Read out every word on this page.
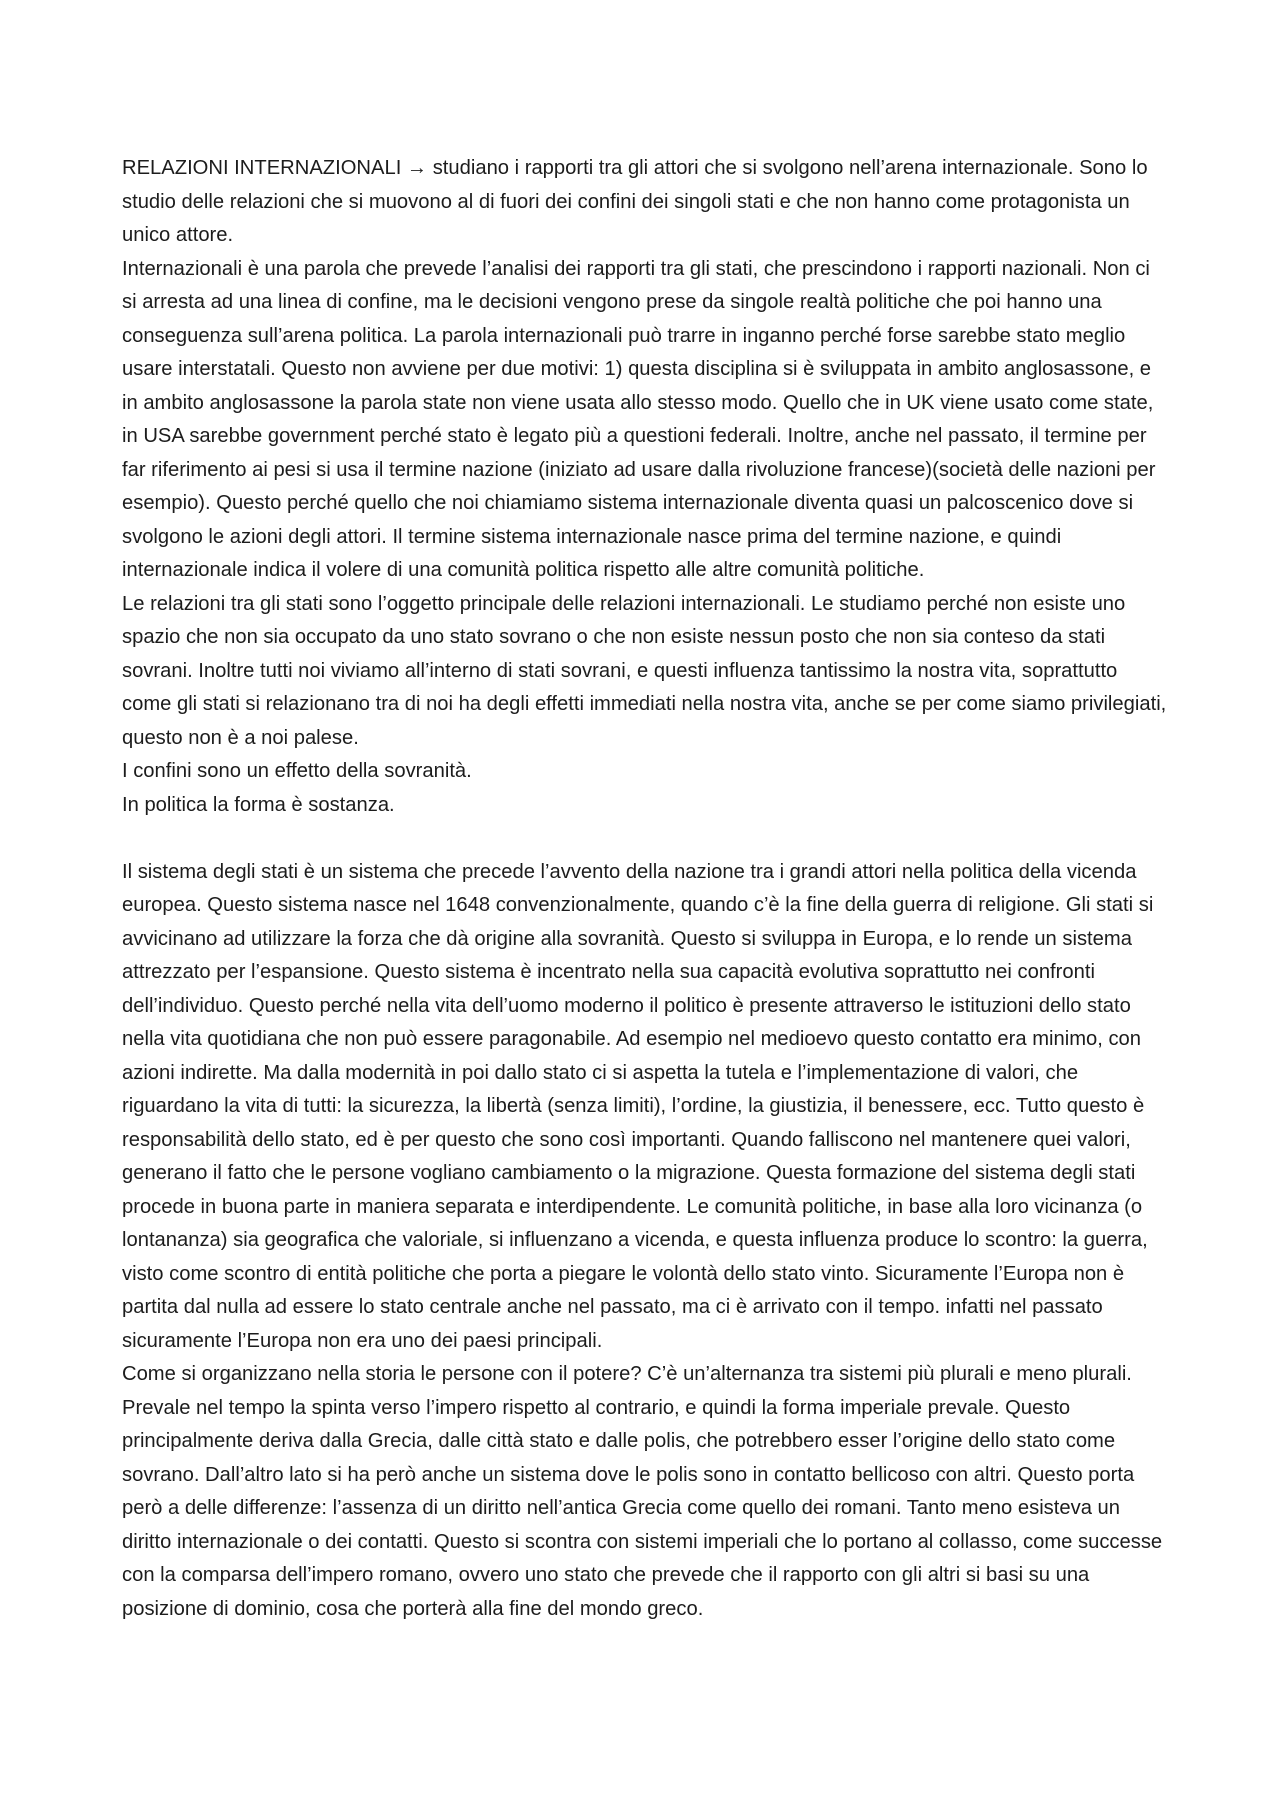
RELAZIONI INTERNAZIONALI → studiano i rapporti tra gli attori che si svolgono nell’arena internazionale. Sono lo studio delle relazioni che si muovono al di fuori dei confini dei singoli stati e che non hanno come protagonista un unico attore.

Internazionali è una parola che prevede l’analisi dei rapporti tra gli stati, che prescindono i rapporti nazionali. Non ci si arresta ad una linea di confine, ma le decisioni vengono prese da singole realtà politiche che poi hanno una conseguenza sull’arena politica. La parola internazionali può trarre in inganno perché forse sarebbe stato meglio usare interstatali. Questo non avviene per due motivi: 1) questa disciplina si è sviluppata in ambito anglosassone, e in ambito anglosassone la parola state non viene usata allo stesso modo. Quello che in UK viene usato come state, in USA sarebbe government perché stato è legato più a questioni federali. Inoltre, anche nel passato, il termine per far riferimento ai pesi si usa il termine nazione (iniziato ad usare dalla rivoluzione francese)(società delle nazioni per esempio). Questo perché quello che noi chiamiamo sistema internazionale diventa quasi un palcoscenico dove si svolgono le azioni degli attori. Il termine sistema internazionale nasce prima del termine nazione, e quindi internazionale indica il volere di una comunità politica rispetto alle altre comunità politiche.

Le relazioni tra gli stati sono l’oggetto principale delle relazioni internazionali. Le studiamo perché non esiste uno spazio che non sia occupato da uno stato sovrano o che non esiste nessun posto che non sia conteso da stati sovrani. Inoltre tutti noi viviamo all’interno di stati sovrani, e questi influenza tantissimo la nostra vita, soprattutto come gli stati si relazionano tra di noi ha degli effetti immediati nella nostra vita, anche se per come siamo privilegiati, questo non è a noi palese.

I confini sono un effetto della sovranità.

In politica la forma è sostanza.

Il sistema degli stati è un sistema che precede l’avvento della nazione tra i grandi attori nella politica della vicenda europea. Questo sistema nasce nel 1648 convenzionalmente, quando c’è la fine della guerra di religione. Gli stati si avvicinano ad utilizzare la forza che dà origine alla sovranità. Questo si sviluppa in Europa, e lo rende un sistema attrezzato per l’espansione. Questo sistema è incentrato nella sua capacità evolutiva soprattutto nei confronti dell’individuo. Questo perché nella vita dell’uomo moderno il politico è presente attraverso le istituzioni dello stato nella vita quotidiana che non può essere paragonabile. Ad esempio nel medioevo questo contatto era minimo, con azioni indirette. Ma dalla modernità in poi dallo stato ci si aspetta la tutela e l’implementazione di valori, che riguardano la vita di tutti: la sicurezza, la libertà (senza limiti), l’ordine, la giustizia, il benessere, ecc. Tutto questo è responsabilità dello stato, ed è per questo che sono così importanti. Quando falliscono nel mantenere quei valori, generano il fatto che le persone vogliano cambiamento o la migrazione. Questa formazione del sistema degli stati procede in buona parte in maniera separata e interdipendente. Le comunità politiche, in base alla loro vicinanza (o lontananza) sia geografica che valoriale, si influenzano a vicenda, e questa influenza produce lo scontro: la guerra, visto come scontro di entità politiche che porta a piegare le volontà dello stato vinto. Sicuramente l’Europa non è partita dal nulla ad essere lo stato centrale anche nel passato, ma ci è arrivato con il tempo. infatti nel passato sicuramente l’Europa non era uno dei paesi principali.

Come si organizzano nella storia le persone con il potere? C’è un’alternanza tra sistemi più plurali e meno plurali. Prevale nel tempo la spinta verso l’impero rispetto al contrario, e quindi la forma imperiale prevale. Questo principalmente deriva dalla Grecia, dalle città stato e dalle polis, che potrebbero esser l’origine dello stato come sovrano. Dall’altro lato si ha però anche un sistema dove le polis sono in contatto bellicoso con altri. Questo porta però a delle differenze: l’assenza di un diritto nell’antica Grecia come quello dei romani. Tanto meno esisteva un diritto internazionale o dei contatti. Questo si scontra con sistemi imperiali che lo portano al collasso, come successe con la comparsa dell’impero romano, ovvero uno stato che prevede che il rapporto con gli altri si basi su una posizione di dominio, cosa che porterà alla fine del mondo greco.
